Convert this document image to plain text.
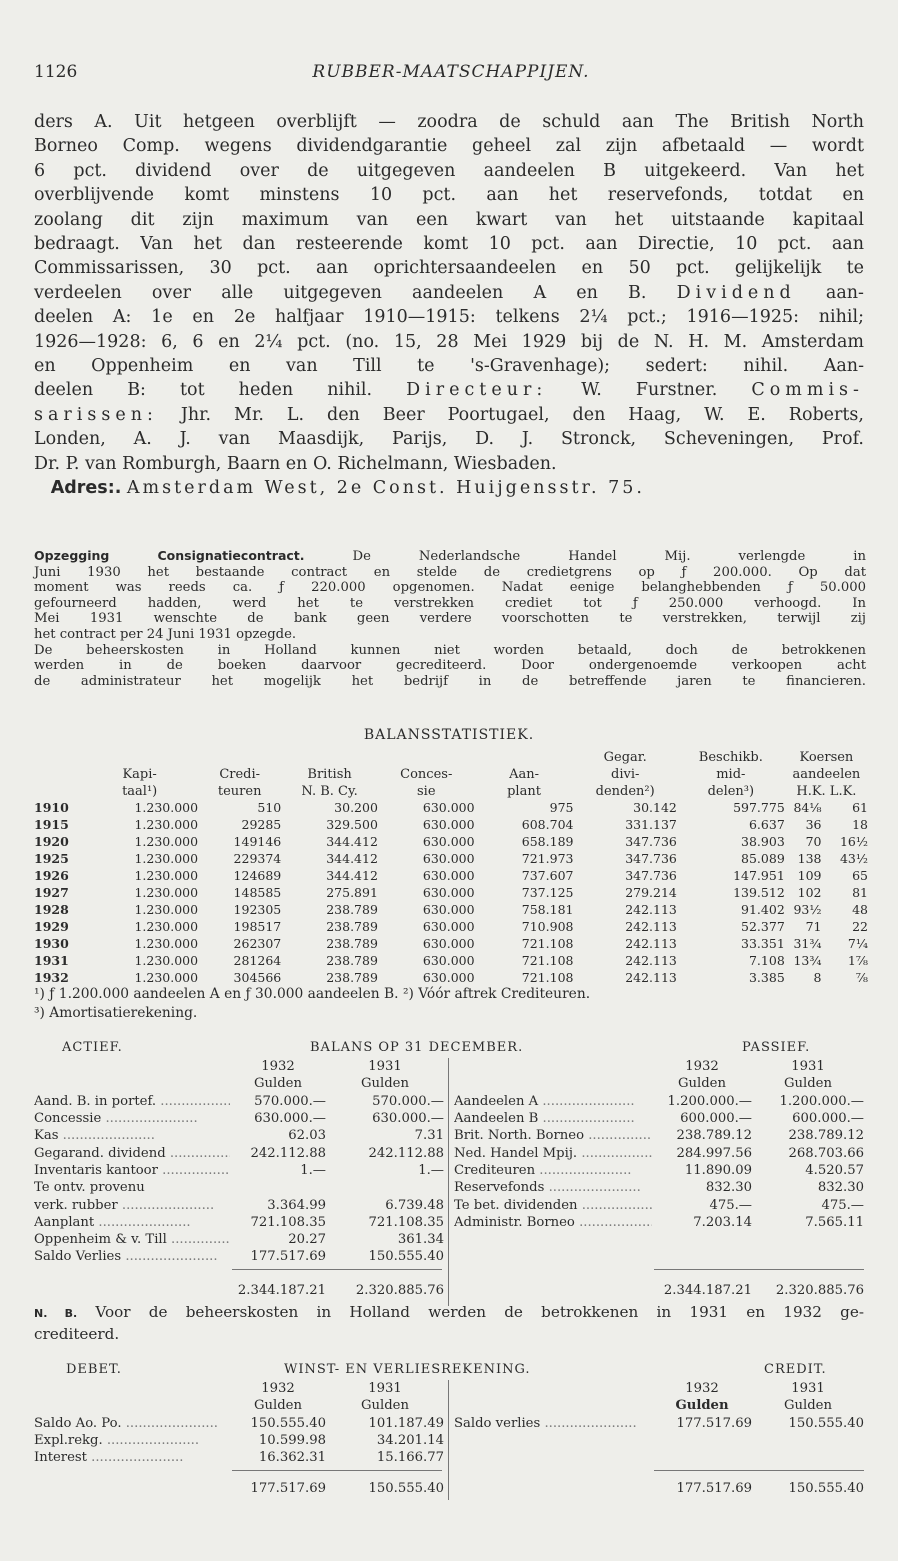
1126	RUBBER-MAATSCHAPPIJEN.
ders A. Uit hetgeen overblijft — zoodra de schuld aan The British North
Borneo Comp. wegens dividendgarantie geheel zal zijn afbetaald — wordt
6 pct. dividend over de uitgegeven aandeelen B uitgekeerd. Van het
overblijvende komt minstens 10 pct. aan het reservefonds, totdat en
zoolang dit zijn maximum van een kwart van het uitstaande kapitaal
bedraagt. Van het dan resteerende komt 10 pct. aan Directie, 10 pct. aan
Commissarissen, 30 pct. aan oprichtersaandeelen en 50 pct. gelijkelijk te
verdeelen over alle uitgegeven aandeelen A en B. Dividend aan-
deelen A: 1e en 2e halfjaar 1910—1915: telkens 2¼ pct.; 1916—1925: nihil;
1926—1928: 6, 6 en 2¼ pct. (no. 15, 28 Mei 1929 bij de N. H. M. Amsterdam
en Oppenheim en van Till te 's-Gravenhage); sedert: nihil. Aan-
deelen B: tot heden nihil. Directeur: W. Furstner. Commis-
sarissen: Jhr. Mr. L. den Beer Poortugael, den Haag, W. E. Roberts,
Londen, A. J. van Maasdijk, Parijs, D. J. Stronck, Scheveningen, Prof.
Dr. P. van Romburgh, Baarn en O. Richelmann, Wiesbaden.
Adres:. Amsterdam West, 2e Const. Huijgensstr. 75.
Opzegging Consignatiecontract.	De Nederlandsche Handel Mij. verlengde in
Juni 1930 het bestaande contract en stelde de credietgrens op ƒ 200.000. Op dat
moment was reeds ca. ƒ 220.000 opgenomen. Nadat eenige belanghebbenden ƒ 50.000
gefourneerd hadden, werd het te verstrekken crediet tot ƒ 250.000 verhoogd. In
Mei 1931 wenschte de bank geen verdere voorschotten te verstrekken, terwijl zij
het contract per 24 Juni 1931 opzegde.
De beheerskosten in Holland kunnen niet worden betaald, doch de betrokkenen
werden in de boeken daarvoor gecrediteerd. Door ondergenoemde verkoopen acht
de administrateur het mogelijk het bedrijf in de betreffende jaren te financieren.
BALANSSTATISTIEK.
						Gegar.	Beschikb.	Koersen	
	Kapi-	Credi-	British	Conces-	Aan-	divi-	mid-	aandeelen	
	taal¹)	teuren	N. B. Cy.	sie	plant	denden²)	delen³)	H.K. L.K.	
1910	1.230.000	510	30.200	630.000	975	30.142	597.775	84⅛	61
1915	1.230.000	29285	329.500	630.000	608.704	331.137	6.637	36	18
1920	1.230.000	149146	344.412	630.000	658.189	347.736	38.903	70	16½
1925	1.230.000	229374	344.412	630.000	721.973	347.736	85.089	138	43½
1926	1.230.000	124689	344.412	630.000	737.607	347.736	147.951	109	65
1927	1.230.000	148585	275.891	630.000	737.125	279.214	139.512	102	81
1928	1.230.000	192305	238.789	630.000	758.181	242.113	91.402	93½	48
1929	1.230.000	198517	238.789	630.000	710.908	242.113	52.377	71	22
1930	1.230.000	262307	238.789	630.000	721.108	242.113	33.351	31¾	7¼
1931	1.230.000	281264	238.789	630.000	721.108	242.113	7.108	13¾	1⅞
1932	1.230.000	304566	238.789	630.000	721.108	242.113	3.385	8	⅞
¹) ƒ 1.200.000 aandeelen A en ƒ 30.000 aandeelen B. ²) Vóór aftrek Crediteuren.
³) Amortisatierekening.
ACTIEF.	BALANS OP 31 DECEMBER.	PASSIEF.
	1932	1931
	Gulden	Gulden
Aand. B. in portef. .....	570.000.—	570.000.—
Concessie .....	630.000.—	630.000.—
Kas .....	62.03	7.31
Gegarand. dividend .....	242.112.88	242.112.88
Inventaris kantoor .....	1.—	1.—
Te ontv. provenu		
verk. rubber .....	3.364.99	6.739.48
Aanplant .....	721.108.35	721.108.35
Oppenheim & v. Till .....	20.27	361.34
Saldo Verlies .....	177.517.69	150.555.40
	2.344.187.21	2.320.885.76
	1932	1931
	Gulden	Gulden
Aandeelen A .....	1.200.000.—	1.200.000.—
Aandeelen B .....	600.000.—	600.000.—
Brit. North. Borneo .....	238.789.12	238.789.12
Ned. Handel Mpij. .....	284.997.56	268.703.66
Crediteuren .....	11.890.09	4.520.57
Reservefonds .....	832.30	832.30
Te bet. dividenden .....	475.—	475.—
Administr. Borneo .....	7.203.14	7.565.11
	2.344.187.21	2.320.885.76
N. B. Voor de beheerskosten in Holland werden de betrokkenen in 1931 en 1932 ge-
crediteerd.
DEBET.	WINST- EN VERLIESREKENING.	CREDIT.
	1932	1931
	Gulden	Gulden
Saldo Ao. Po. .....	150.555.40	101.187.49
Expl.rekg. .....	10.599.98	34.201.14
Interest .....	16.362.31	15.166.77
	177.517.69	150.555.40
	1932	1931
	Gulden	Gulden
Saldo verlies .....	177.517.69	150.555.40
	177.517.69	150.555.40
